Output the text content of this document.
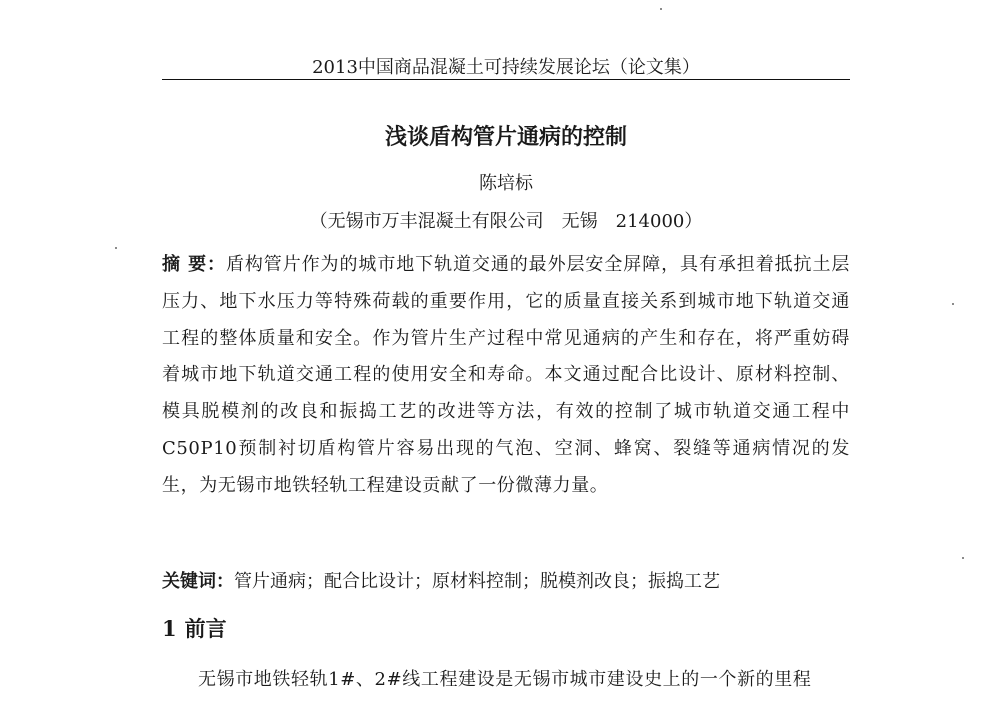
2013中国商品混凝土可持续发展论坛（论文集）
浅谈盾构管片通病的控制
陈培标
（无锡市万丰混凝土有限公司 无锡 214000）
摘 要：盾构管片作为的城市地下轨道交通的最外层安全屏障，具有承担着抵抗土层压力、地下水压力等特殊荷载的重要作用，它的质量直接关系到城市地下轨道交通工程的整体质量和安全。作为管片生产过程中常见通病的产生和存在，将严重妨碍着城市地下轨道交通工程的使用安全和寿命。本文通过配合比设计、原材料控制、模具脱模剂的改良和振捣工艺的改进等方法，有效的控制了城市轨道交通工程中C50P10预制衬切盾构管片容易出现的气泡、空洞、蜂窝、裂缝等通病情况的发生，为无锡市地铁轻轨工程建设贡献了一份微薄力量。
关键词：管片通病；配合比设计；原材料控制；脱模剂改良；振捣工艺
1 前言
无锡市地铁轻轨1#、2#线工程建设是无锡市城市建设史上的一个新的里程
